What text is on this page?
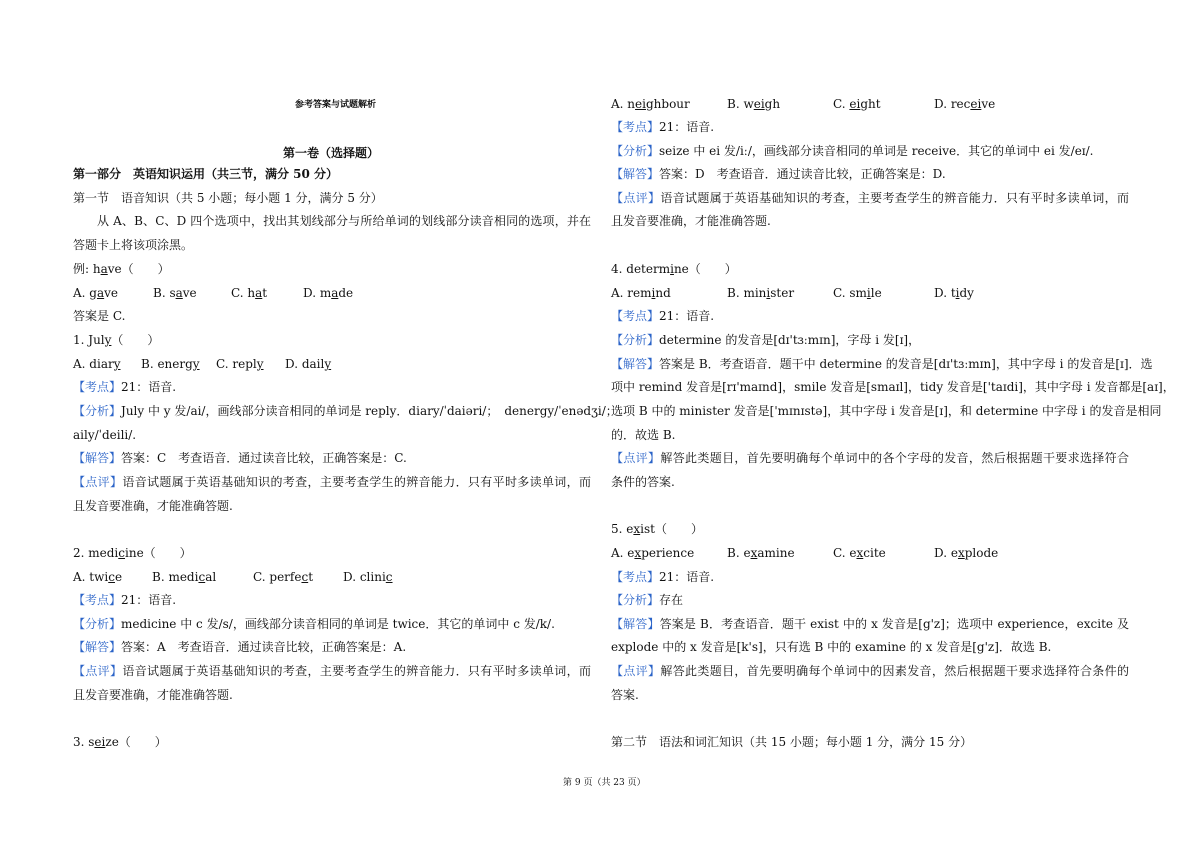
参考答案与试题解析
第一卷（选择题）
第一部分　英语知识运用（共三节，满分 50 分）
第一节　语音知识（共 5 小题；每小题 1 分，满分 5 分）
从 A、B、C、D 四个选项中，找出其划线部分与所给单词的划线部分读音相同的选项，并在
答题卡上将该项涂黑。
例: have（　　）
A. gave	B. save	C. hat	D. made
答案是 C.
1. July（　　）
A. diary B. energy C. reply D. daily
【考点】21：语音.
【分析】July 中 y 发/ai/，画线部分读音相同的单词是 reply．diary/ˈdaiəri/；　denergy/ˈenədʒi/；
aily/ˈdeili/.
【解答】答案：C　考查语音．通过读音比较，正确答案是：C.
【点评】语音试题属于英语基础知识的考查，主要考查学生的辨音能力．只有平时多读单词，而
且发音要准确，才能准确答题.
2. medicine（　　）
A. twice B. medical	C. perfect D. clinic
【考点】21：语音.
【分析】medicine 中 c 发/s/，画线部分读音相同的单词是 twice．其它的单词中 c 发/k/.
【解答】答案：A　考查语音．通过读音比较，正确答案是：A.
【点评】语音试题属于英语基础知识的考查，主要考查学生的辨音能力．只有平时多读单词，而
且发音要准确，才能准确答题.
3. seize（　　）
A. neighbour	B. weigh	C. eight	D. receive
【考点】21：语音.
【分析】seize 中 ei 发/iː/，画线部分读音相同的单词是 receive．其它的单词中 ei 发/eɪ/.
【解答】答案：D　考查语音．通过读音比较，正确答案是：D.
【点评】语音试题属于英语基础知识的考查，主要考查学生的辨音能力．只有平时多读单词，而
且发音要准确，才能准确答题.
4. determine（　　）
A. remind	B. minister	C. smile	D. tidy
【考点】21：语音.
【分析】determine 的发音是[dɪ'tɜːmɪn]，字母 i 发[ɪ]，
【解答】答案是 B．考查语音．题干中 determine 的发音是[dɪ'tɜːmɪn]，其中字母 i 的发音是[ɪ]．选
项中 remind 发音是[rɪ'maɪnd]，smile 发音是[smaɪl]，tidy 发音是['taɪdi]，其中字母 i 发音都是[aɪ]，
选项 B 中的 minister 发音是['mɪnɪstə]，其中字母 i 发音是[ɪ]，和 determine 中字母 i 的发音是相同
的．故选 B.
【点评】解答此类题目，首先要明确每个单词中的各个字母的发音，然后根据题干要求选择符合
条件的答案.
5. exist（　　）
A. experience	B. examine	C. excite	D. explode
【考点】21：语音.
【分析】存在
【解答】答案是 B．考查语音．题干 exist 中的 x 发音是[g'z]；选项中 experience，excite 及
explode 中的 x 发音是[k's]，只有选 B 中的 examine 的 x 发音是[g'z]．故选 B.
【点评】解答此类题目，首先要明确每个单词中的因素发音，然后根据题干要求选择符合条件的
答案.
第二节　语法和词汇知识（共 15 小题；每小题 1 分，满分 15 分）
第 9 页（共 23 页）
